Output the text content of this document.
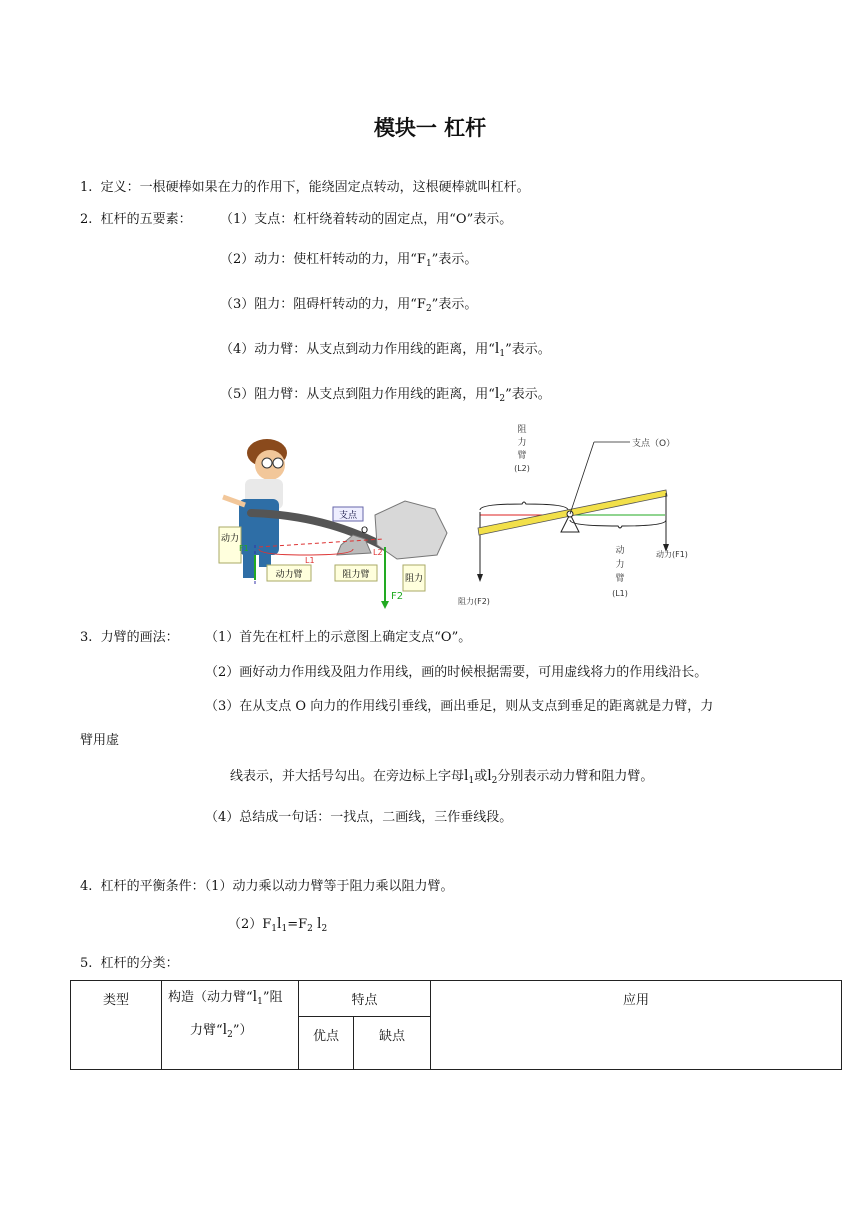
模块一 杠杆
1. 定义：一根硬棒如果在力的作用下，能绕固定点转动，这根硬棒就叫杠杆。
2. 杠杆的五要素： （1）支点：杠杆绕着转动的固定点，用“O”表示。
（2）动力：使杠杆转动的力，用“$F_1$”表示。
（3）阻力：阻碍杆转动的力，用“$F_2$”表示。
（4）动力臂：从支点到动力作用线的距离，用“$l_1$”表示。
（5）阻力臂：从支点到阻力作用线的距离，用“$l_2$”表示。
支点
O
动力
动力臂	阻力臂	阻力
F2
L1
L2
F1
阻
力
臂
(L2)
支点（O）
动
力
臂
(L1)
动力(F1)
阻力(F2)
3. 力臂的画法： （1）首先在杠杆上的示意图上确定支点“O”。
（2）画好动力作用线及阻力作用线，画的时候根据需要，可用虚线将力的作用线沿长。
（3）在从支点 O 向力的作用线引垂线，画出垂足，则从支点到垂足的距离就是力臂，力
臂用虚
线表示，并大括号勾出。在旁边标上字母$l_1$或$l_2$分别表示动力臂和阻力臂。
（4）总结成一句话：一找点，二画线，三作垂线段。
4. 杠杆的平衡条件：（1）动力乘以动力臂等于阻力乘以阻力臂。
$(2)F_1l_1=F_2$ $l_2$
5. 杠杆的分类：
类型	构造（动力臂“$l_1$”阻
力臂“$l_2$”）	特点		应用

		优点	缺点	
